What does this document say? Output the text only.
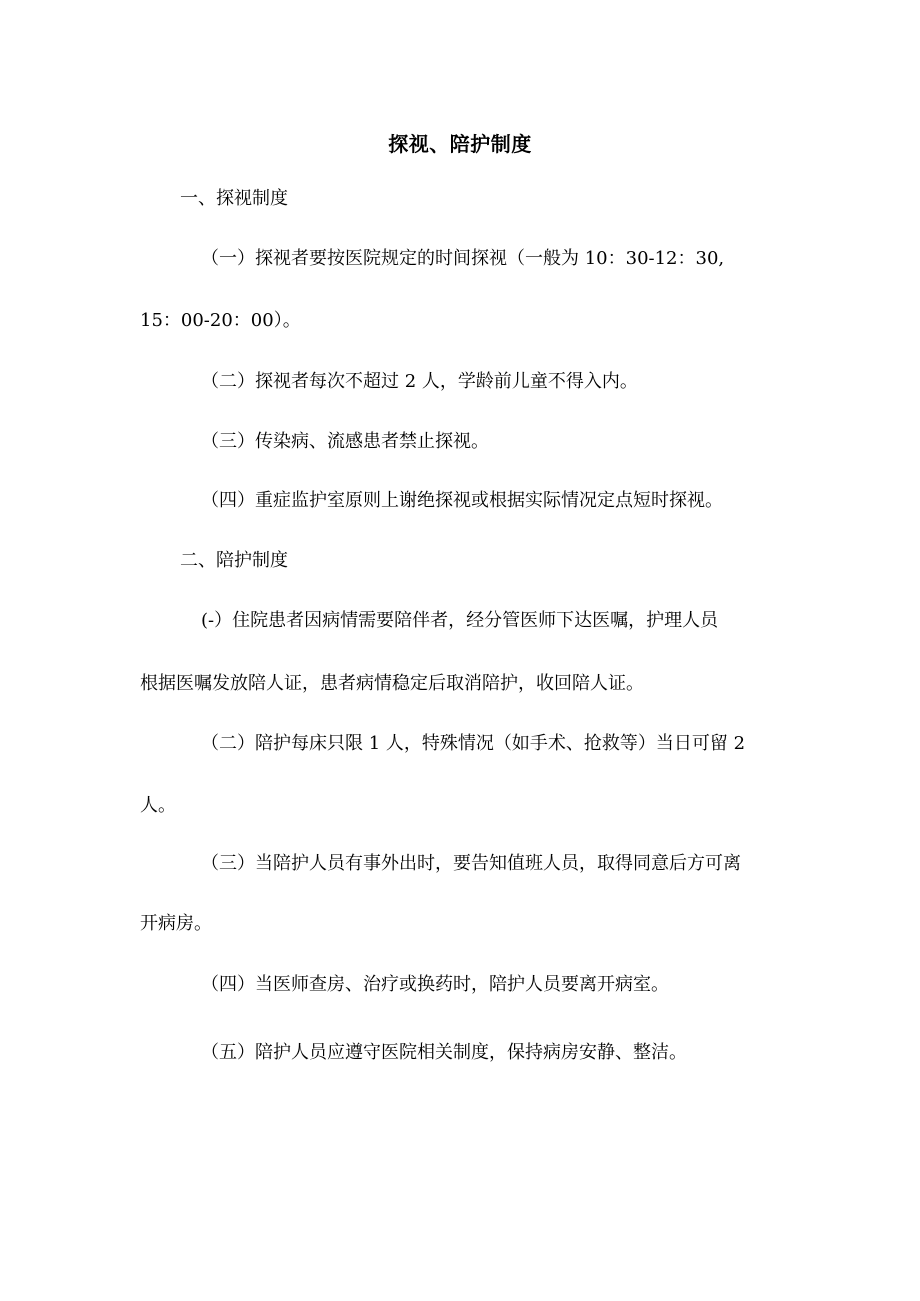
探视、陪护制度
一、探视制度
（一）探视者要按医院规定的时间探视（一般为 10：30-12：30,
15：00-20：00）。
（二）探视者每次不超过 2 人，学龄前儿童不得入内。
（三）传染病、流感患者禁止探视。
（四）重症监护室原则上谢绝探视或根据实际情况定点短时探视。
二、陪护制度
(-）住院患者因病情需要陪伴者，经分管医师下达医嘱，护理人员
根据医嘱发放陪人证，患者病情稳定后取消陪护，收回陪人证。
（二）陪护每床只限 1 人，特殊情况（如手术、抢救等）当日可留 2
人。
（三）当陪护人员有事外出时，要告知值班人员，取得同意后方可离
开病房。
（四）当医师查房、治疗或换药时，陪护人员要离开病室。
（五）陪护人员应遵守医院相关制度，保持病房安静、整洁。
